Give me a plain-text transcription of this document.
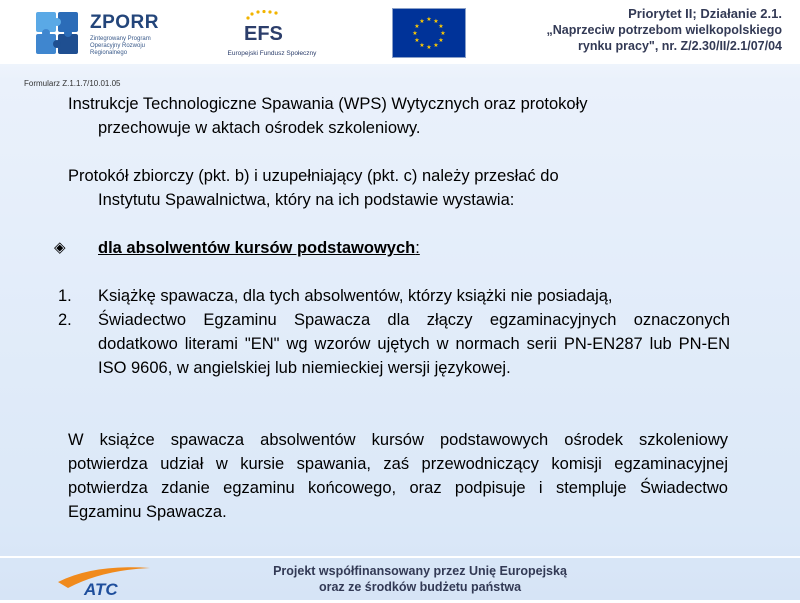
ZPORR
Zintegrowany Program Operacyjny Rozwoju Regionalnego
EFS
Europejski Fundusz Społeczny
★ ★
★
★
★
★
★
★
★
★
★
★
Priorytet II; Działanie 2.1.
„Naprzeciw potrzebom wielkopolskiego
rynku pracy", nr. Z/2.30/II/2.1/07/04
Formularz Z.1.1.7/10.01.05
Instrukcje Technologiczne Spawania (WPS) Wytycznych oraz protokoły
przechowuje w aktach ośrodek szkoleniowy.
Protokół zbiorczy (pkt. b) i uzupełniający (pkt. c) należy przesłać do
Instytutu Spawalnictwa, który na ich podstawie wystawia:
◈	dla absolwentów kursów podstawowych:
1. Książkę spawacza, dla tych absolwentów, którzy książki nie posiadają,
2. Świadectwo Egzaminu Spawacza dla złączy egzaminacyjnych oznaczonych dodatkowo literami "EN" wg wzorów ujętych w normach serii PN-EN287 lub PN-EN ISO 9606, w angielskiej lub niemieckiej wersji językowej.
W książce spawacza absolwentów kursów podstawowych ośrodek szkoleniowy potwierdza udział w kursie spawania, zaś przewodniczący komisji egzaminacyjnej potwierdza zdanie egzaminu końcowego, oraz podpisuje i stempluje Świadectwo Egzaminu Spawacza.
ATC
Projekt współfinansowany przez Unię Europejską
oraz ze środków budżetu państwa
